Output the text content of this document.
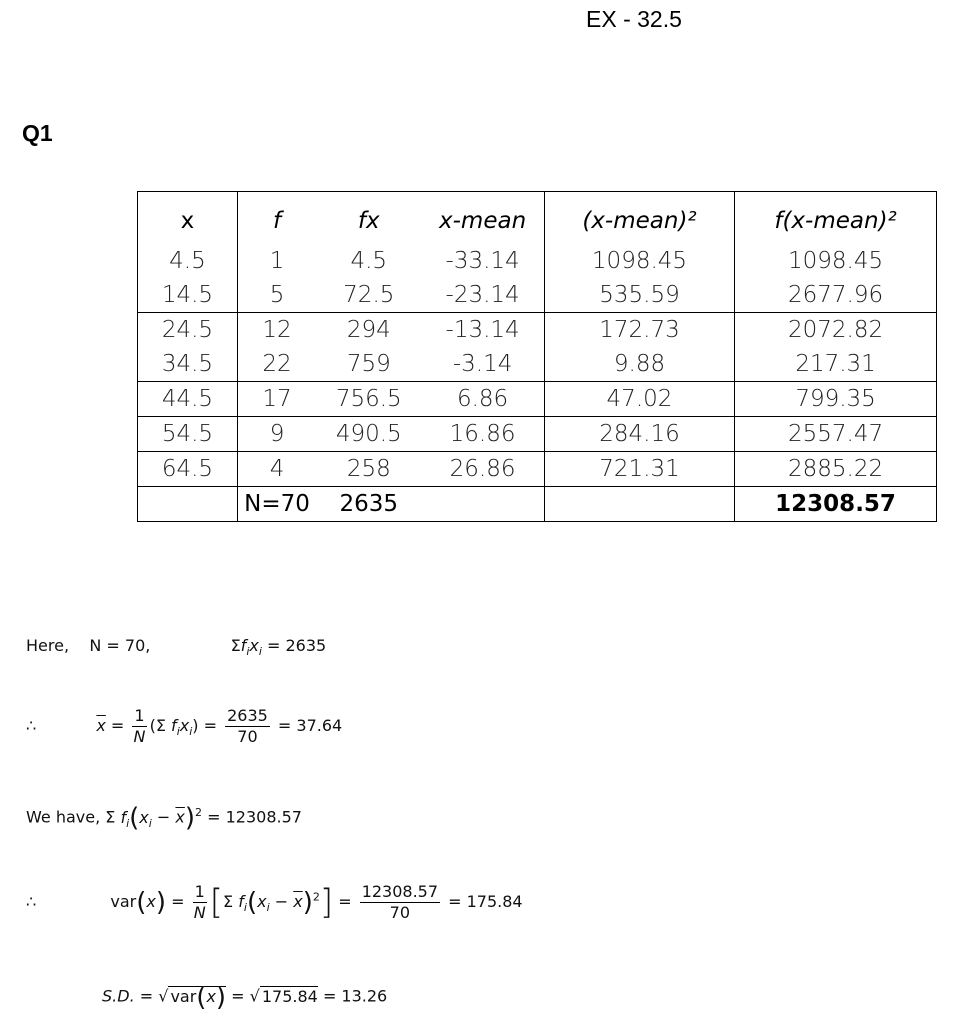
EX - 32.5
Q1
x	f	fx	x-mean	(x-mean)²	f(x-mean)²
4.5	1	4.5	-33.14	1098.45	1098.45
14.5	5	72.5	-23.14	535.59	2677.96
24.5	12	294	-13.14	172.73	2072.82
34.5	22	759	-3.14	9.88	217.31
44.5	17	756.5	6.86	47.02	799.35
54.5	9	490.5	16.86	284.16	2557.47
64.5	4	258	26.86	721.31	2885.22
	N=70	2635			12308.57
Here, N = 70,	$\Sigma f_ix_i = 2635$
∴	$\overline{x} = \frac{1}{N} (\Sigma$ $f_ix_i) = \frac{2635}{70} = 37.64$
We have, Σ $f_i(x_i - \overline{x})^2 = 12308.57$
∴	$var(x) = \frac{1}{N} [\Sigma$ $f_i(x_i - \overline{x})^2] = \frac{12308.57}{70} = 175.84$
S.D. = √ var(x) = √ 175.84 = 13.26
